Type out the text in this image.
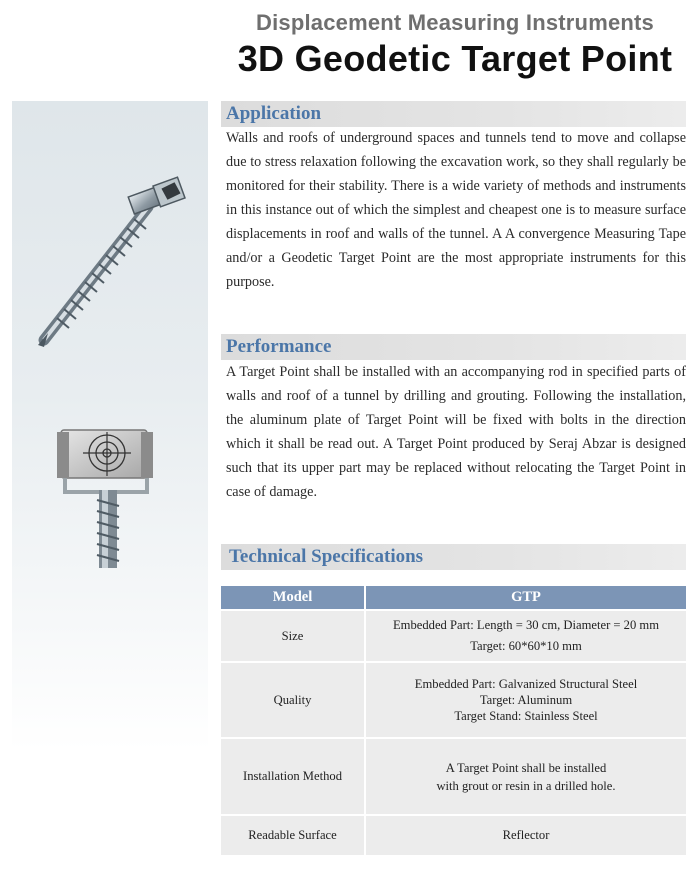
Displacement Measuring Instruments
3D Geodetic Target Point
Application
Walls and roofs of underground spaces and tunnels tend to move and collapse due to stress relaxation following the excavation work, so they shall regularly be monitored for their stability. There is a wide variety of methods and instruments in this instance out of which the simplest and cheapest one is to measure surface displacements in roof and walls of the tunnel. A A convergence Measuring Tape and/or a Geodetic Target Point are the most appropriate instruments for this purpose.
Performance
A Target Point shall be installed with an accompanying rod in specified parts of walls and roof of a tunnel by drilling and grouting. Following the installation, the aluminum plate of Target Point will be fixed with bolts in the direction which it shall be read out. A Target Point produced by Seraj Abzar is designed such that its upper part may be replaced without relocating the Target Point in case of damage.
Technical Specifications
Model	GTP
Size	Embedded Part: Length = 30 cm, Diameter = 20 mm
Target: 60*60*10 mm

Quality	Embedded Part: Galvanized Structural Steel
Target: Aluminum
Target Stand: Stainless Steel

Installation Method	A Target Point shall be installed
with grout or resin in a drilled hole.

Readable Surface	Reflector
